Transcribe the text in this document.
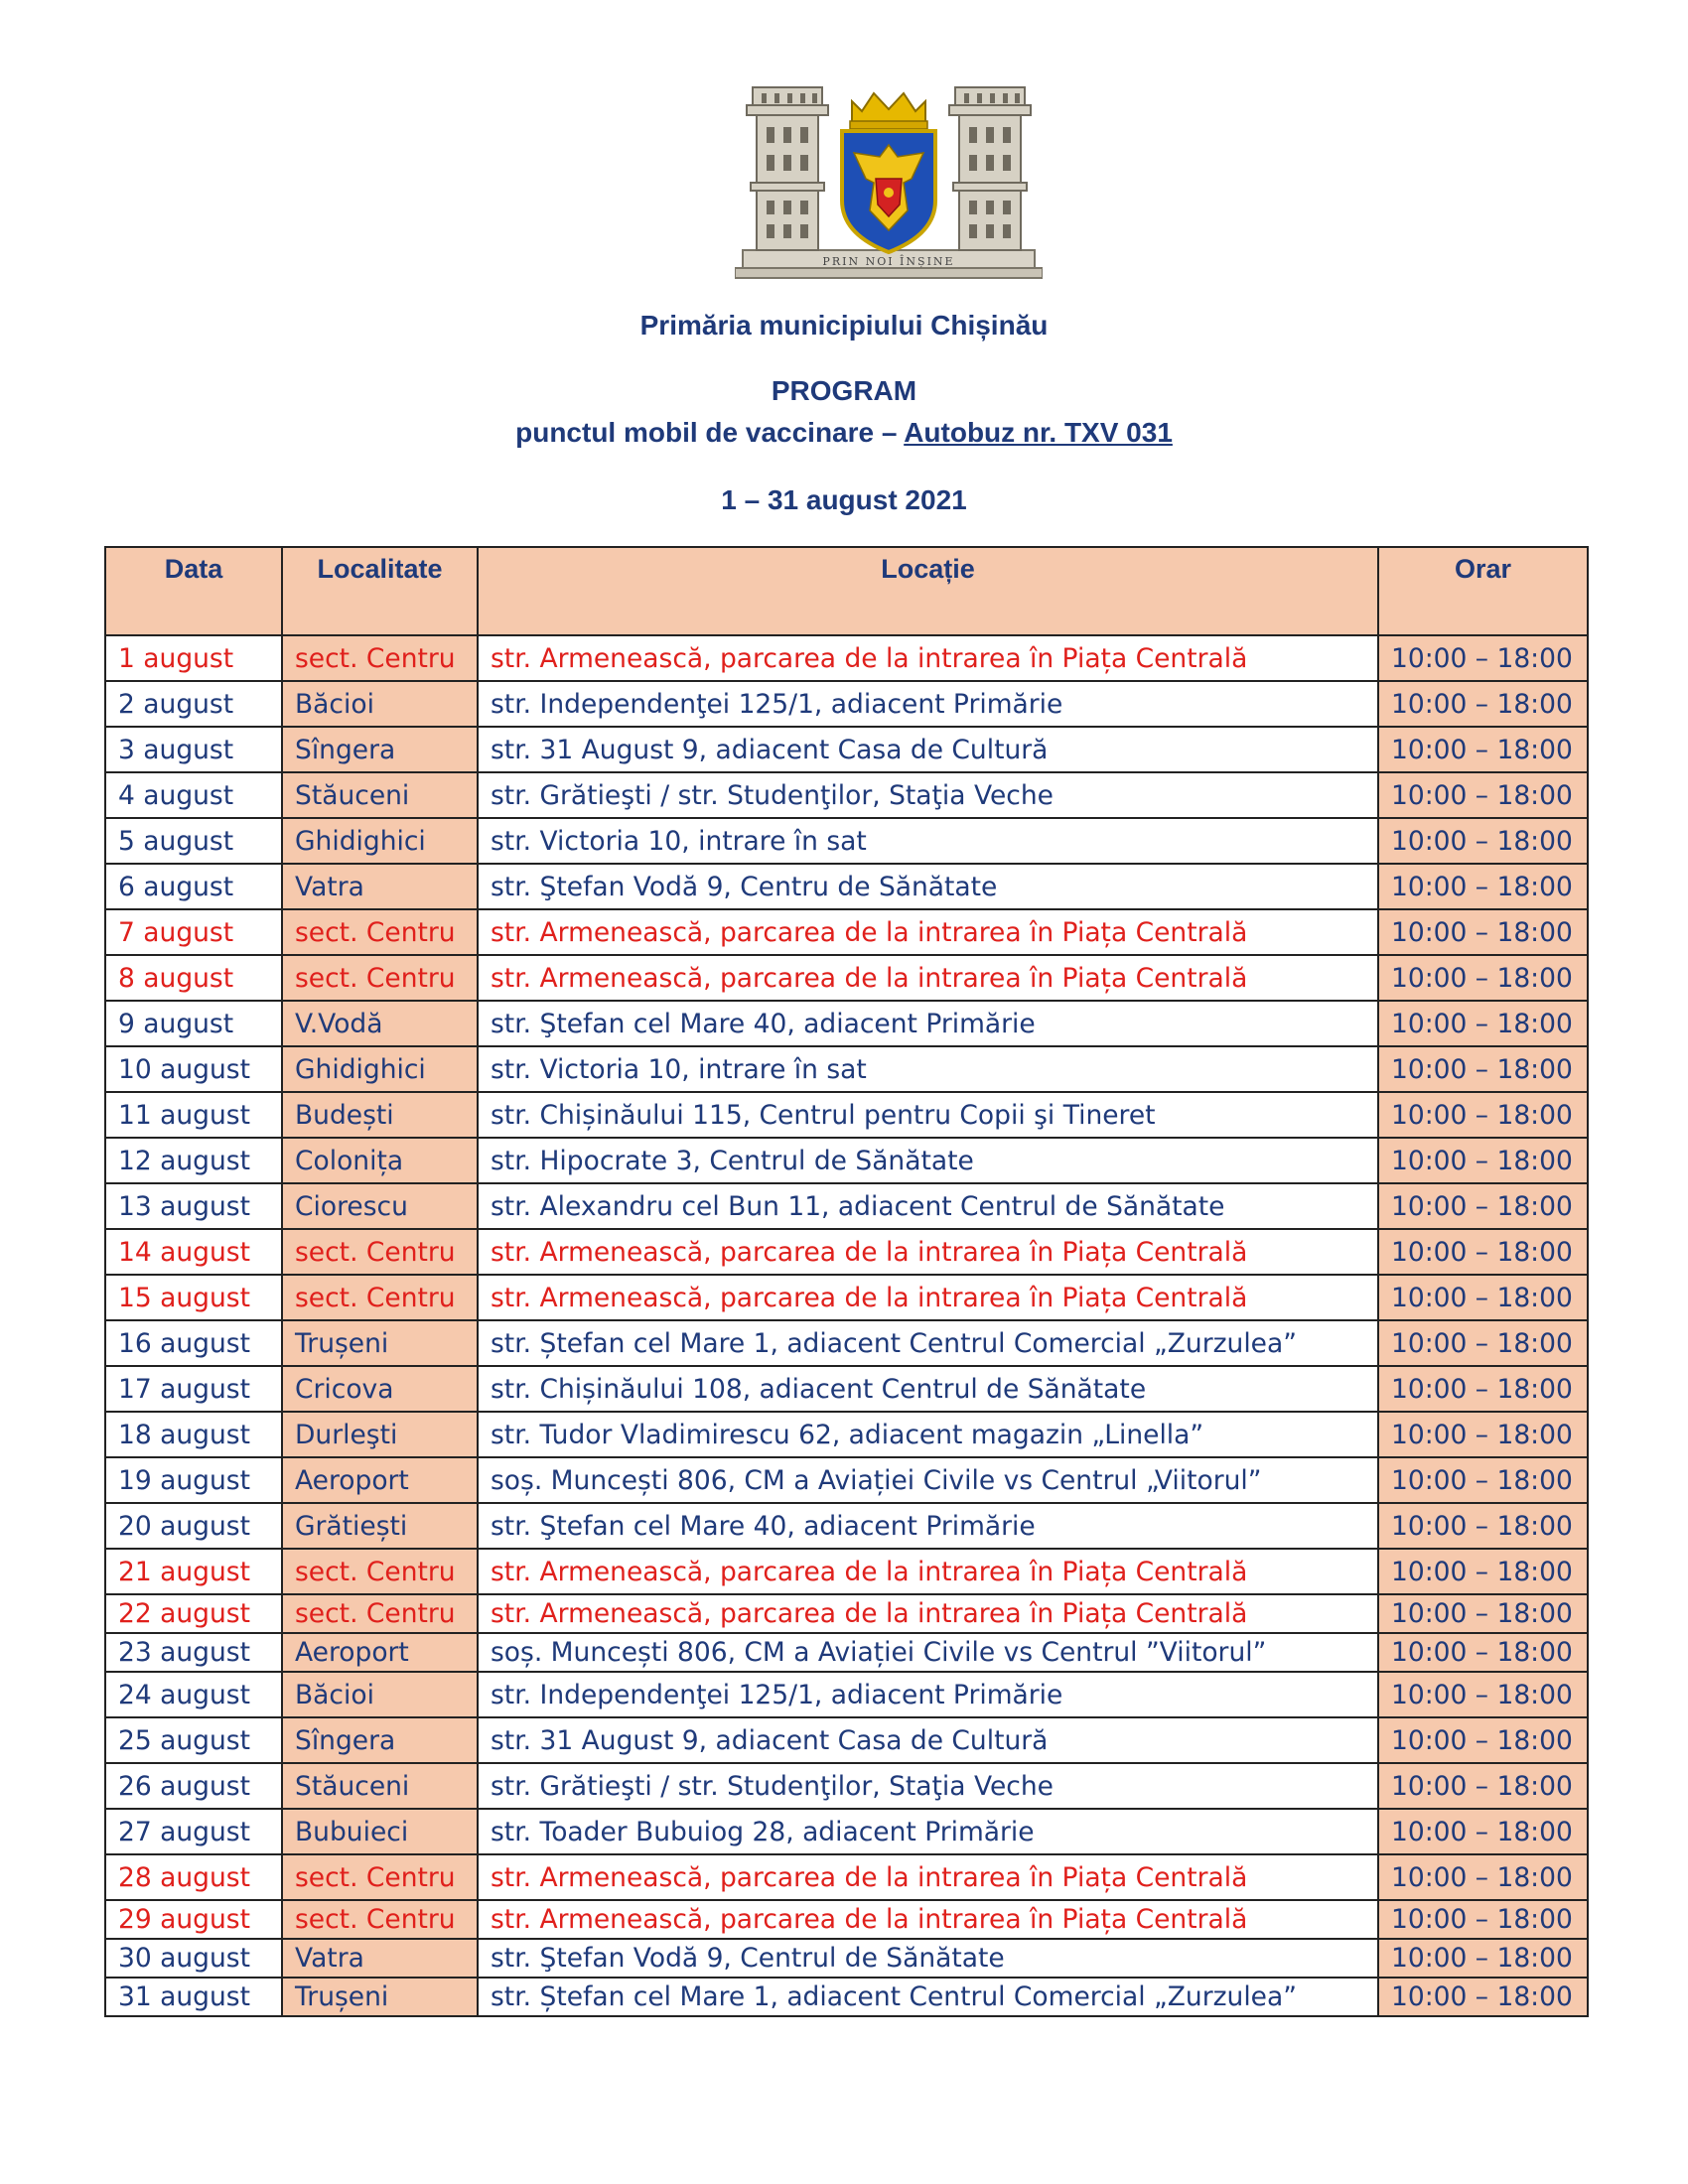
PRIN NOI ÎNȘINE
Primăria municipiului Chișinău
PROGRAM
punctul mobil de vaccinare – Autobuz nr. TXV 031
1 – 31 august 2021
Data	Localitate	Locație	Orar
1 august	sect. Centru	str. Armenească, parcarea de la intrarea în Piața Centrală	10:00 – 18:00
2 august	Băcioi	str. Independenţei 125/1, adiacent Primărie	10:00 – 18:00
3 august	Sîngera	str. 31 August 9, adiacent Casa de Cultură	10:00 – 18:00
4 august	Stăuceni	str. Grătieşti / str. Studenţilor, Staţia Veche	10:00 – 18:00
5 august	Ghidighici	str. Victoria 10, intrare în sat	10:00 – 18:00
6 august	Vatra	str. Ştefan Vodă 9, Centru de Sănătate	10:00 – 18:00
7 august	sect. Centru	str. Armenească, parcarea de la intrarea în Piața Centrală	10:00 – 18:00
8 august	sect. Centru	str. Armenească, parcarea de la intrarea în Piața Centrală	10:00 – 18:00
9 august	V.Vodă	str. Ştefan cel Mare 40, adiacent Primărie	10:00 – 18:00
10 august	Ghidighici	str. Victoria 10, intrare în sat	10:00 – 18:00
11 august	Budești	str. Chișinăului 115, Centrul pentru Copii şi Tineret	10:00 – 18:00
12 august	Colonița	str. Hipocrate 3, Centrul de Sănătate	10:00 – 18:00
13 august	Ciorescu	str. Alexandru cel Bun 11, adiacent Centrul de Sănătate	10:00 – 18:00
14 august	sect. Centru	str. Armenească, parcarea de la intrarea în Piața Centrală	10:00 – 18:00
15 august	sect. Centru	str. Armenească, parcarea de la intrarea în Piața Centrală	10:00 – 18:00
16 august	Trușeni	str. Ștefan cel Mare 1, adiacent Centrul Comercial „Zurzulea”	10:00 – 18:00
17 august	Cricova	str. Chișinăului 108, adiacent Centrul de Sănătate	10:00 – 18:00
18 august	Durleşti	str. Tudor Vladimirescu 62, adiacent magazin „Linella”	10:00 – 18:00
19 august	Aeroport	soș. Muncești 806, CM a Aviației Civile vs Centrul „Viitorul”	10:00 – 18:00
20 august	Grătiești	str. Ştefan cel Mare 40, adiacent Primărie	10:00 – 18:00
21 august	sect. Centru	str. Armenească, parcarea de la intrarea în Piața Centrală	10:00 – 18:00
22 august	sect. Centru	str. Armenească, parcarea de la intrarea în Piața Centrală	10:00 – 18:00
23 august	Aeroport	soș. Muncești 806, CM a Aviației Civile vs Centrul ”Viitorul”	10:00 – 18:00
24 august	Băcioi	str. Independenţei 125/1, adiacent Primărie	10:00 – 18:00
25 august	Sîngera	str. 31 August 9, adiacent Casa de Cultură	10:00 – 18:00
26 august	Stăuceni	str. Grătieşti / str. Studenţilor, Staţia Veche	10:00 – 18:00
27 august	Bubuieci	str. Toader Bubuiog 28, adiacent Primărie	10:00 – 18:00
28 august	sect. Centru	str. Armenească, parcarea de la intrarea în Piața Centrală	10:00 – 18:00
29 august	sect. Centru	str. Armenească, parcarea de la intrarea în Piața Centrală	10:00 – 18:00
30 august	Vatra	str. Ştefan Vodă 9, Centrul de Sănătate	10:00 – 18:00
31 august	Trușeni	str. Ștefan cel Mare 1, adiacent Centrul Comercial „Zurzulea”	10:00 – 18:00
